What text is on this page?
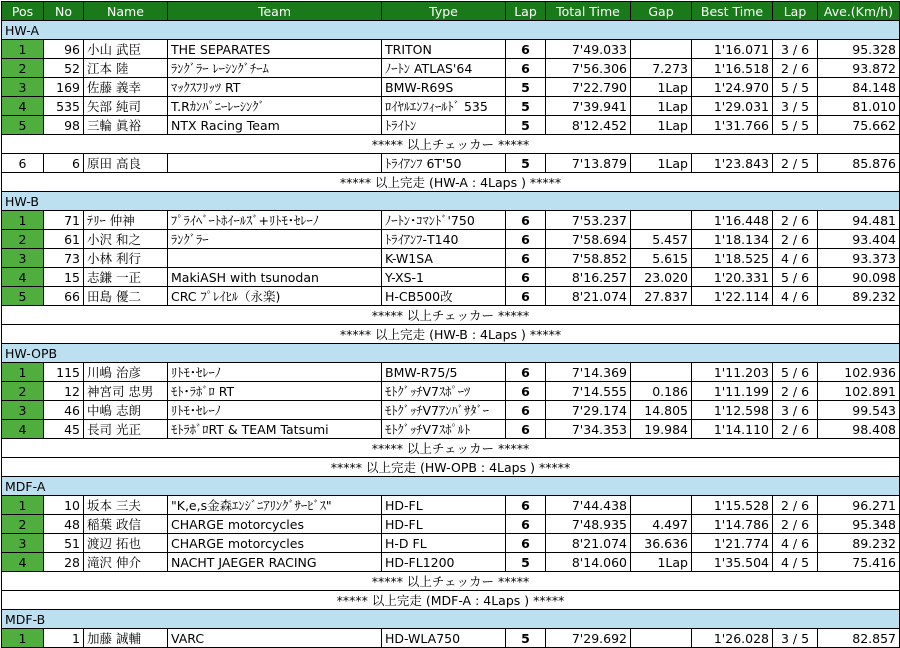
Pos	No	Name	Team	Type	Lap	Total Time	Gap	Best Time	Lap	Ave.(Km/h)
HW-A										
1	96	小山 武臣	THE SEPARATES	TRITON	6	7'49.033		1'16.071	3 / 6	95.328
2	52	江本 陸	ﾗﾝｸﾞﾗｰ ﾚｰｼﾝｸﾞﾁｰﾑ	ﾉｰﾄﾝ ATLAS'64	6	7'56.306	7.273	1'16.518	2 / 6	93.872
3	169	佐藤 義幸	ﾏｯｸｽﾌﾘｯﾂ RT	BMW-R69S	5	7'22.790	1Lap	1'24.970	5 / 5	84.148
4	535	矢部 純司	T.Rｶﾝﾊﾟﾆｰﾚｰｼﾝｸﾞ	ﾛｲﾔﾙｴﾝﾌｨｰﾙﾄﾞ 535	5	7'39.941	1Lap	1'29.031	3 / 5	81.010
5	98	三輪 眞裕	NTX Racing Team	ﾄﾗｲﾄﾝ	5	8'12.452	1Lap	1'31.766	5 / 5	75.662
***** 以上チェッカー *****										
6	6	原田 高良		ﾄﾗｲｱﾝﾌ 6T'50	5	7'13.879	1Lap	1'23.843	2 / 5	85.876
***** 以上完走 (HW-A : 4Laps ) *****										
HW-B										
1	71	ﾃﾘｰ 仲神	ﾌﾟﾗｲﾍﾞｰﾄﾎｲｰﾙｽﾞ+ﾘﾄﾓ･ｾﾚｰﾉ	ﾉｰﾄﾝ･ｺﾏﾝﾄﾞ'750	6	7'53.237		1'16.448	2 / 6	94.481
2	61	小沢 和之	ﾗﾝｸﾞﾗｰ	ﾄﾗｲｱﾝﾌ-T140	6	7'58.694	5.457	1'18.134	2 / 6	93.404
3	73	小林 利行		K-W1SA	6	7'58.852	5.615	1'18.525	4 / 6	93.373
4	15	志鎌 一正	MakiASH with tsunodan	Y-XS-1	6	8'16.257	23.020	1'20.331	5 / 6	90.098
5	66	田島 優二	CRC ﾌﾟﾚｲﾋﾙ（永楽)	H-CB500改	6	8'21.074	27.837	1'22.114	4 / 6	89.232
***** 以上チェッカー *****										
***** 以上完走 (HW-B : 4Laps ) *****										
HW-OPB										
1	115	川嶋 治彦	ﾘﾄﾓ･ｾﾚｰﾉ	BMW-R75/5	6	7'14.369		1'11.203	5 / 6	102.936
2	12	神宮司 忠男	ﾓﾄ･ﾗﾎﾞﾛ RT	ﾓﾄｸﾞｯﾁV7ｽﾎﾟｰﾂ	6	7'14.555	0.186	1'11.199	2 / 6	102.891
3	46	中嶋 志朗	ﾘﾄﾓ･ｾﾚｰﾉ	ﾓﾄｸﾞｯﾁV7ｱﾝﾊﾞｻﾀﾞｰ	6	7'29.174	14.805	1'12.598	3 / 6	99.543
4	45	長司 光正	ﾓﾄﾗﾎﾞﾛRT & TEAM Tatsumi	ﾓﾄｸﾞｯﾁV7ｽﾎﾟﾙﾄ	6	7'34.353	19.984	1'14.110	2 / 6	98.408
***** 以上チェッカー *****										
***** 以上完走 (HW-OPB : 4Laps ) *****										
MDF-A										
1	10	坂本 三夫	"K,e,s金森ｴﾝｼﾞﾆｱﾘﾝｸﾞｻｰﾋﾞｽ"	HD-FL	6	7'44.438		1'15.528	2 / 6	96.271
2	48	稲葉 政信	CHARGE motorcycles	HD-FL	6	7'48.935	4.497	1'14.786	2 / 6	95.348
3	51	渡辺 拓也	CHARGE motorcycles	H-D FL	6	8'21.074	36.636	1'21.774	4 / 6	89.232
4	28	滝沢 伸介	NACHT JAEGER RACING	HD-FL1200	5	8'14.060	1Lap	1'35.504	4 / 5	75.416
***** 以上チェッカー *****										
***** 以上完走 (MDF-A : 4Laps ) *****										
MDF-B										
1	1	加藤 誠輔	VARC	HD-WLA750	5	7'29.692		1'26.028	3 / 5	82.857
